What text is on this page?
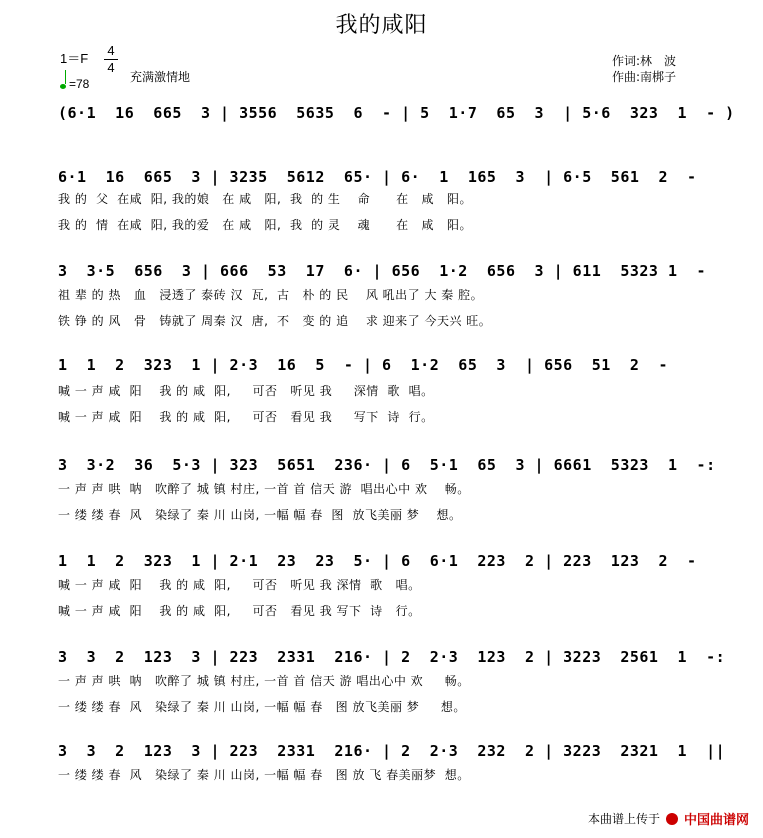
我的咸阳
1＝F
4
4
=78	充满激情地
作词:林　波
作曲:南梆子
(6·1  16  665  3 | 3556  5635  6  - | 5  1·7  65  3  | 5·6  323  1  - )
6·1  16  665  3 | 3235  5612  65· | 6·  1  165  3  | 6·5  561  2  -
我 的  父  在咸  阳, 我的娘   在 咸   阳,  我  的 生    命      在   咸   阳。
我 的  情  在咸  阳, 我的爱   在 咸   阳,  我  的 灵    魂      在   咸   阳。
3  3·5  656  3 | 666  53  17  6· | 656  1·2  656  3 | 611  5323 1  -
祖 辈 的 热   血   浸透了 泰砖 汉  瓦,  古   朴 的 民    风 吼出了 大 秦 腔。
铁 铮 的 风   骨   铸就了 周秦 汉  唐,  不   变 的 追    求 迎来了 今天兴 旺。
1  1  2  323  1 | 2·3  16  5  - | 6  1·2  65  3  | 656  51  2  -
喊 一 声 咸  阳    我 的 咸  阳,     可否   听见 我     深情  歌  唱。
喊 一 声 咸  阳    我 的 咸  阳,     可否   看见 我     写下  诗  行。
3  3·2  36  5·3 | 323  5651  236· | 6  5·1  65  3 | 6661  5323  1  -:
一 声 声 哄  呐   吹醉了 城 镇 村庄, 一首 首 信天 游  唱出心中 欢    畅。
一 缕 缕 春  风   染绿了 秦 川 山岗, 一幅 幅 春  图  放飞美丽 梦    想。
1  1  2  323  1 | 2·1  23  23  5· | 6  6·1  223  2 | 223  123  2  -
喊 一 声 咸  阳    我 的 咸  阳,     可否   听见 我 深情  歌   唱。
喊 一 声 咸  阳    我 的 咸  阳,     可否   看见 我 写下  诗   行。
3  3  2  123  3 | 223  2331  216· | 2  2·3  123  2 | 3223  2561  1  -:
一 声 声 哄  呐   吹醉了 城 镇 村庄, 一首 首 信天 游 唱出心中 欢     畅。
一 缕 缕 春  风   染绿了 秦 川 山岗, 一幅 幅 春   图 放飞美丽 梦     想。
3  3  2  123  3 | 223  2331  216· | 2  2·3  232  2 | 3223  2321  1  ||
一 缕 缕 春  风   染绿了 秦 川 山岗, 一幅 幅 春   图 放 飞 春美丽梦  想。
本曲谱上传于 中国曲谱网
